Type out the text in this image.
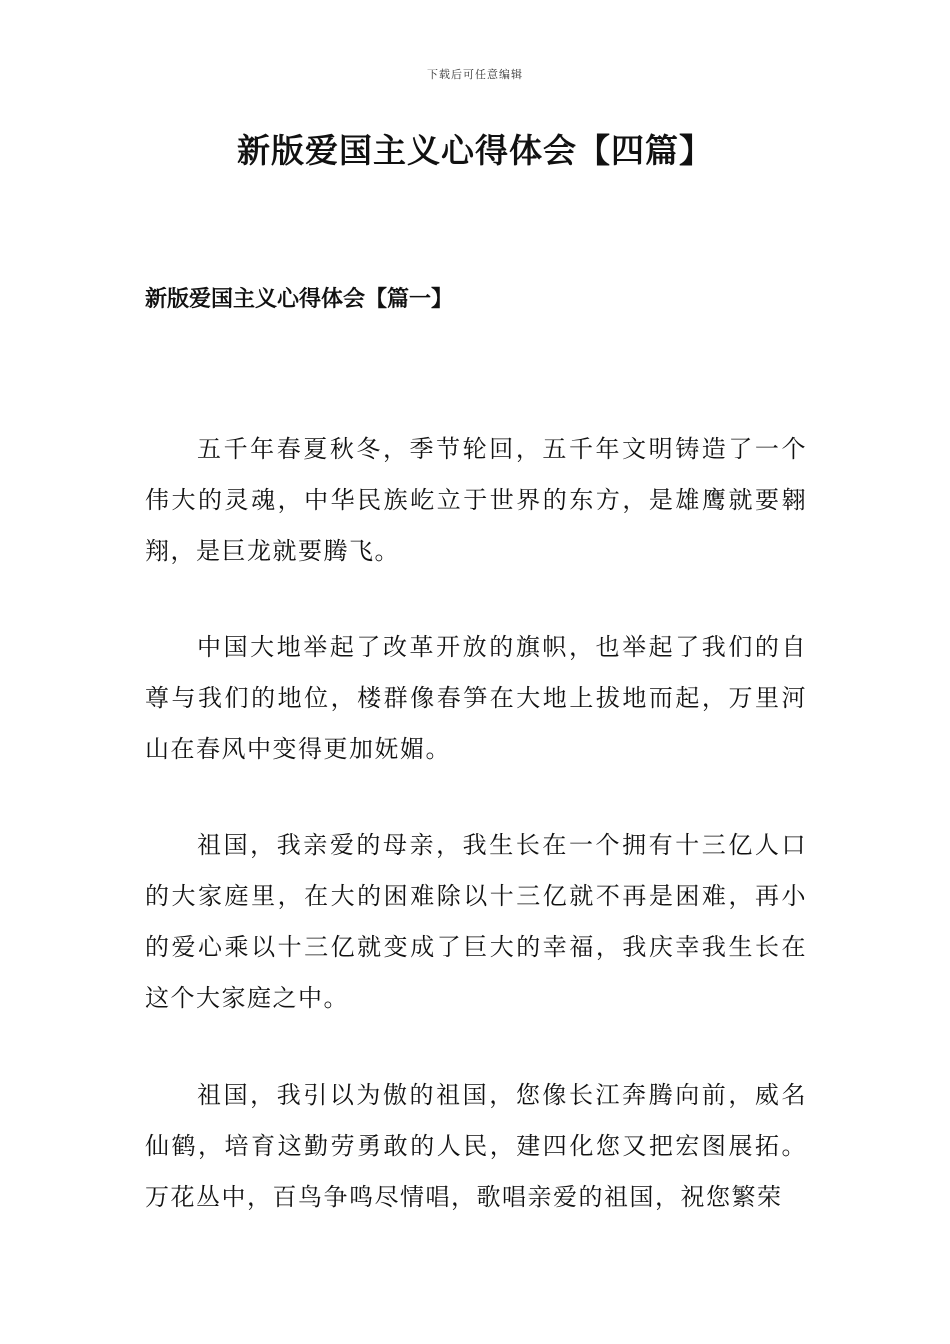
下载后可任意编辑
新版爱国主义心得体会【四篇】
新版爱国主义心得体会【篇一】

五千年春夏秋冬，季节轮回，五千年文明铸造了一个伟大的灵魂，中华民族屹立于世界的东方，是雄鹰就要翱翔，是巨龙就要腾飞。

中国大地举起了改革开放的旗帜，也举起了我们的自尊与我们的地位，楼群像春笋在大地上拔地而起，万里河山在春风中变得更加妩媚。

祖国，我亲爱的母亲，我生长在一个拥有十三亿人口的大家庭里，在大的困难除以十三亿就不再是困难，再小的爱心乘以十三亿就变成了巨大的幸福，我庆幸我生长在这个大家庭之中。

祖国，我引以为傲的祖国，您像长江奔腾向前，威名仙鹤，培育这勤劳勇敢的人民，建四化您又把宏图展拓。万花丛中，百鸟争鸣尽情唱，歌唱亲爱的祖国，祝您繁荣
